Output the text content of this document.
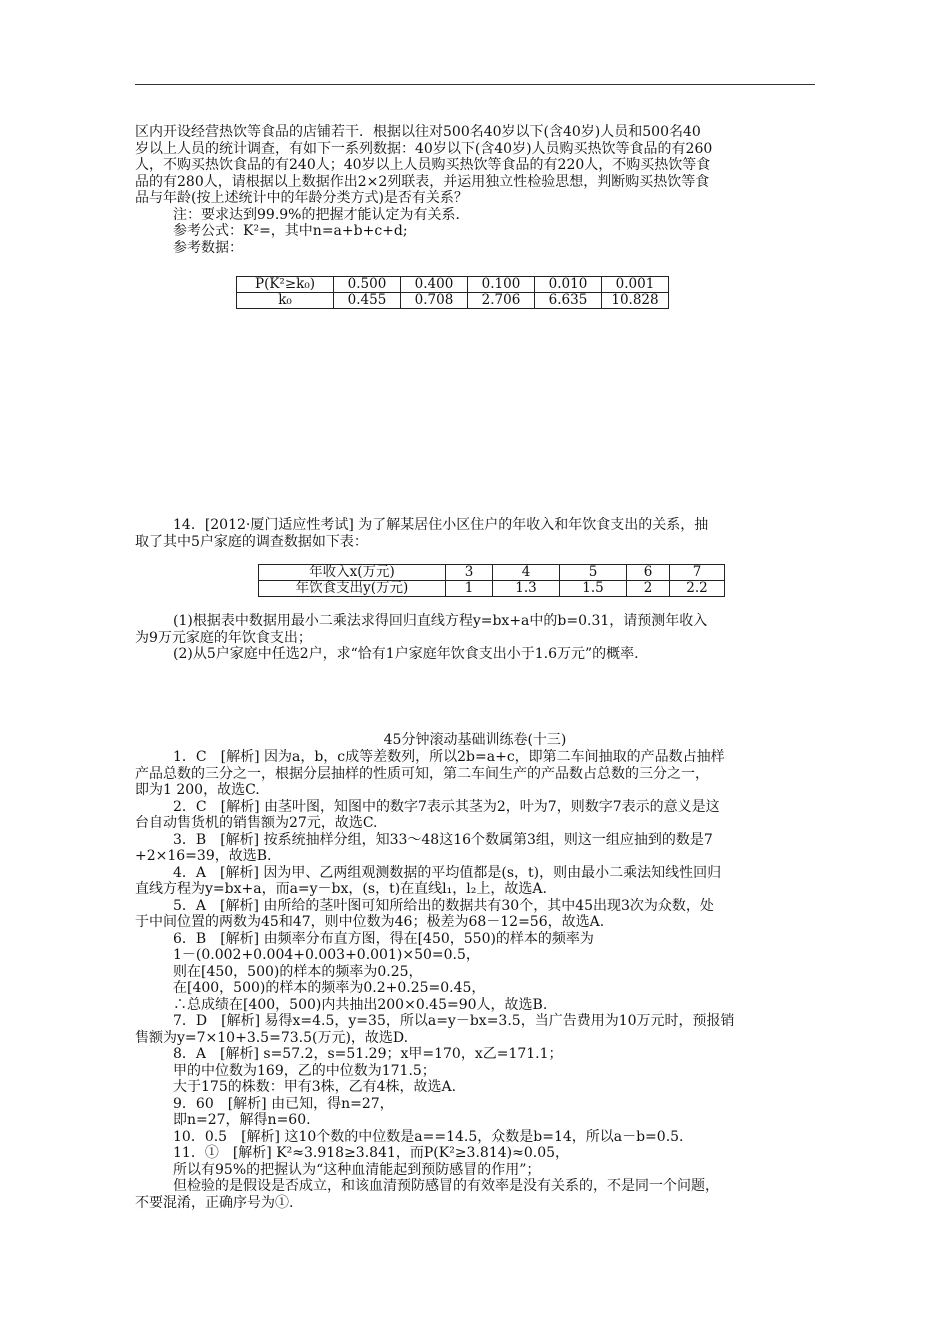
区内开设经营热饮等食品的店铺若干．根据以往对500名40岁以下(含40岁)人员和500名40

岁以上人员的统计调查，有如下一系列数据：40岁以下(含40岁)人员购买热饮等食品的有260

人，不购买热饮食品的有240人；40岁以上人员购买热饮等食品的有220人，不购买热饮等食

品的有280人，请根据以上数据作出2×2列联表，并运用独立性检验思想，判断购买热饮等食

品与年龄(按上述统计中的年龄分类方式)是否有关系？

注：要求达到99.9%的把握才能认定为有关系．

参考公式：K²=，其中n=a+b+c+d;

参考数据：

P(K²≥k₀)	0.500	0.400	0.100	0.010	0.001
k₀	0.455	0.708	2.706	6.635	10.828

14．[2012·厦门适应性考试] 为了解某居住小区住户的年收入和年饮食支出的关系，抽

取了其中5户家庭的调查数据如下表：

年收入x(万元)	3	4	5	6	7
年饮食支出y(万元)	1	1.3	1.5	2	2.2

(1)根据表中数据用最小二乘法求得回归直线方程y=bx+a中的b=0.31，请预测年收入

为9万元家庭的年饮食支出；

(2)从5户家庭中任选2户，求“恰有1户家庭年饮食支出小于1.6万元”的概率.

45分钟滚动基础训练卷(十三)

1．C　[解析] 因为a，b，c成等差数列，所以2b=a+c，即第二车间抽取的产品数占抽样

产品总数的三分之一，根据分层抽样的性质可知，第二车间生产的产品数占总数的三分之一，

即为1 200，故选C.

2．C　[解析] 由茎叶图，知图中的数字7表示其茎为2，叶为7，则数字7表示的意义是这

台自动售货机的销售额为27元，故选C.

3．B　[解析] 按系统抽样分组，知33～48这16个数属第3组，则这一组应抽到的数是7

+2×16=39，故选B.

4．A　[解析] 因为甲、乙两组观测数据的平均值都是(s，t)，则由最小二乘法知线性回归

直线方程为y=bx+a，而a=y－bx，(s，t)在直线l₁，l₂上，故选A.

5．A　[解析] 由所给的茎叶图可知所给出的数据共有30个，其中45出现3次为众数，处

于中间位置的两数为45和47，则中位数为46；极差为68－12=56，故选A.

6．B　[解析] 由频率分布直方图，得在[450，550)的样本的频率为

1－(0.002+0.004+0.003+0.001)×50=0.5，

则在[450，500)的样本的频率为0.25，

在[400，500)的样本的频率为0.2+0.25=0.45，

∴总成绩在[400，500)内共抽出200×0.45=90人，故选B.

7．D　[解析] 易得x=4.5，y=35，所以a=y－bx=3.5，当广告费用为10万元时，预报销

售额为y=7×10+3.5=73.5(万元)，故选D.

8．A　[解析] s=57.2，s=51.29；x甲=170，x乙=171.1；

甲的中位数为169，乙的中位数为171.5；

大于175的株数：甲有3株，乙有4株，故选A.

9．60　[解析] 由已知，得n=27，

即n=27，解得n=60.

10．0.5　[解析] 这10个数的中位数是a==14.5，众数是b=14，所以a－b=0.5.

11．①　[解析] K²≈3.918≥3.841，而P(K²≥3.814)≈0.05，

所以有95%的把握认为“这种血清能起到预防感冒的作用”；

但检验的是假设是否成立，和该血清预防感冒的有效率是没有关系的，不是同一个问题，

不要混淆，正确序号为①.
